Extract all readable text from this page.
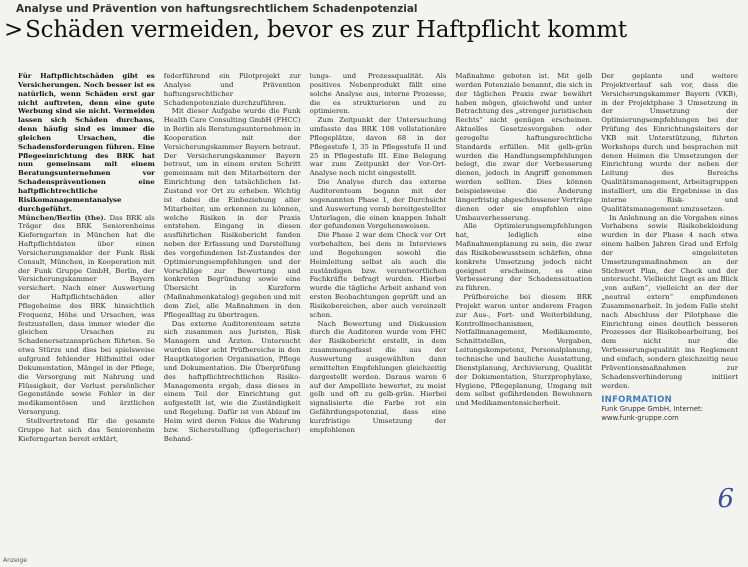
Analyse und Prävention von haftungsrechtlichem Schadenpotenzial
>Schäden vermeiden, bevor es zur Haftpflicht kommt

Für Haftpflichtschäden gibt es Versicherungen. Noch besser ist es natürlich, wenn Schäden erst gar nicht auftreten, denn eine gute Werbung sind sie nicht. Vermeiden lassen sich Schäden durchaus, denn häufig sind es immer die gleichen Ursachen, die Schadensforderungen führen. Eine Pflegeeinrichtung des BRK hat nun gemeinsam mit einem Beratungsunternehmen vor Schadenspräventionen eine haftpflichtrechtliche Risikomanagementanalyse durchgeführt.

München/Berlin (the). Das BRK als Träger des BRK Seniorenheims Kieferngarten in München hat die Haftpflichtdaten über einen Versicherungsmakler der Funk Risk Consult, München, in Kooperation mit der Funk Gruppe GmbH, Berlin, der Versicherungskammer Bayern versichert. Nach einer Auswertung der Haftpflichtschäden aller Pflegeheime des BRK hinsichtlich Frequenz, Höhe und Ursachen, was festzustellen, dass immer wieder die gleichen Ursachen zu Schadenersatzansprüchen führten. So etwa Stürze und dies bei spielsweise aufgrund fehlender Hilfsmittel oder Dokumentation, Mängel in der Pflege, die Versorgung mit Nahrung und Flüssigkeit, der Verlust persönlicher Gegenstände sowie Fehler in der medikamentösen und ärztlichen Versorgung.

Stellvertretend für die gesamte Gruppe hat sich das Seniorenheim Kieferngarten bereit erklärt,

federführend ein Pilotprojekt zur Analyse und Prävention haftungsrechtlicher Schadenpotenziale durchzuführen.

Mit dieser Aufgabe wurde die Funk Health Care Consulting GmbH (FHCC) in Berlin als Beratungsunternehmen in Kooperation mit der Versicherungskammer Bayern betraut. Der Versicherungskammer Bayern betraut, um in einem ersten Schritt gemeinsam mit den Mitarbeitern der Einrichtung den tatsächlichen Ist-Zustand vor Ort zu erheben. Wichtig ist dabei die Einbeziehung aller Mitarbeiter, um erkennen zu können, welche Risiken in der Praxis entstehen. Eingang in diesen ausführlichen Risikobericht fanden neben der Erfassung und Darstellung des vorgefundenen Ist-Zustandes der Optimierungsempfehlungen und der Vorschläge zur Bewertung und konkreten Begründung sowie eine Übersicht in Kurzform (Maßnahmenkatalog) gegeben und mit dem Ziel, alle Maßnahmen in den Pflegealltag zu übertragen.

Das externe Auditorenteam setzte sich zusammen aus Juristen, Risk Managern und Ärzten. Untersucht wurden über acht Prüfbereiche in den Hauptkategorien Organisation, Pflege und Dokumentation. Die Überprüfung des haftpflichtrechtlichen Risiko-Managements ergab, dass dieses in einem Teil der Einrichtung gut aufgestellt ist, wie die Zuständigkeit und Regelung. Dafür ist von Ablauf im Heim wird deren Fokus die Wahrung bzw. Sicherstellung (pflegerischer) Behand-

lungs- und Prozessqualität. Als positives Nebenprodukt fällt eine solche Analyse aus, interne Prozesse, die es strukturieren und zu optimieren.

Zum Zeitpunkt der Untersuchung umfasste das BRK 108 vollstationäre Pflegeplätze, davon 68 in der Pflegestufe I, 35 in Pflegestufe II und 25 in Pflegestufe III. Eine Belegung war zum Zeitpunkt der Vor-Ort-Analyse noch nicht eingestellt.

Die Analyse durch das externe Auditorenteam begann mit der sogenannten Phase 1, der Durchsicht und Auswertung vorab bereitgestellter Unterlagen, die einen knappen Inhalt der gefundenen Vorgehensweisen.

Die Phase 2 war dem Check vor Ort vorbehalten, bei dem in Interviews und Begehungen sowohl die Heimleitung selbst als auch die zuständigen bzw. verantwortlichen Fachkräfte befragt wurden. Hierbei wurde die tägliche Arbeit anhand von ersten Beobachtungen geprüft und an Risikobereichen, aber auch vereinzelt schon.

Nach Bewertung und Diskussion durch die Auditoren wurde vom FHC der Risikobericht erstellt, in dem zusammengefasst die aus der Auswertung ausgewählten dann ermittelten Empfehlungen gleichzeitig dargestellt werden. Daraus waren 6 auf der Ampelliste bewertet, zu meist gelb und oft zu gelb-grün. Hierbei signalisierte die Farbe rot ein Gefährdungspotenzial, dass eine kurzfristige Umsetzung der empfohlenen

Maßnahme geboten ist. Mit gelb werden Potenziale benannt, die sich in der täglichen Praxis zwar bewährt haben mögen, gleichwohl und unter Betrachtung des „strenger juristischen Rechts“ nicht genügen erscheinen. Aktuelles Gesetzesvorgaben oder geregelte haftungsrechtliche Standards erfüllen. Mit gelb-grün wurden die Handlungsempfehlungen belegt, die zwar der Verbesserung dienen, jedoch in Angriff genommen werden sollten. Dies können beispielsweise die Änderung längerfristig abgeschlossener Verträge dienen oder sie empfehlen eine Umbauverbesserung.

Alle Optimierungsempfehlungen hat, lediglich eine Maßnahmenplanung zu sein, die zwar das Risikobewusstsein schärfen, ohne konkrete Umsetzung jedoch nicht geeignet erscheinen, es eine Verbesserung der Schadenssituation zu führen.

Prüfbereiche bei diesem BRK Projekt waren unter anderem Fragen zur Aus-, Fort- und Weiterbildung, Kontrollmechanismen, Notfallmanagement, Medikamente, Schnittstellen, Vergaben, Leitungskompetenz, Personalplanung, technische und bauliche Ausstattung, Dienstplanung, Archivierung, Qualität der Dokumentation, Sturzprophylaxe, Hygiene, Pflegeplanung, Umgang mit dem selbst gefährdenden Bewohnern und Medikamentensicherheit.

Der geplante und weitere Projektverlauf sah vor, dass die Versicherungskammer Bayern (VKB), in der Projektphase 3 Umsetzung in der Umsetzung der Optimierungsempfehlungen bei der Prüfung des Einrichtungsleiters der VKB mit Unterstützung, führten Workshops durch und besprachen mit denen Heimen die Umsetzungen der Einrichtung wurde der neben der Leitung des Bereichs Qualitätsmanagement, Arbeitsgruppen installiert, um die Ergebnisse in das interne Risk- und Qualitätsmanagement umzusetzen.

In Anlehnung an die Vorgaben eines Vorhabens sowie Risikobekleidung wurden in der Phase 4 nach etwa einem halben Jahren Grad und Erfolg der eingeleiteten Umsetzungsmaßnahmen an der Stichwort Plan, der Check und der untersucht. Vielleicht liegt es am Blick „von außen“, vielleicht an der der „neutral extern“ empfundenen Zusammenarbeit. In jedem Falle steht nach Abschluss der Pilotphase die Einrichtung eines deutlich besseren Prozesses der Risikobearbeitung, bei dem nicht nur die Verbesserungsqualität ins Reglement und einfach, sondern gleichzeitig neue Präventionsmaßnahmen zur Schadensverhinderung initiiert werden.

INFORMATION
Funk Gruppe GmbH, Internet:
www.funk-gruppe.com
6
Anzeige
